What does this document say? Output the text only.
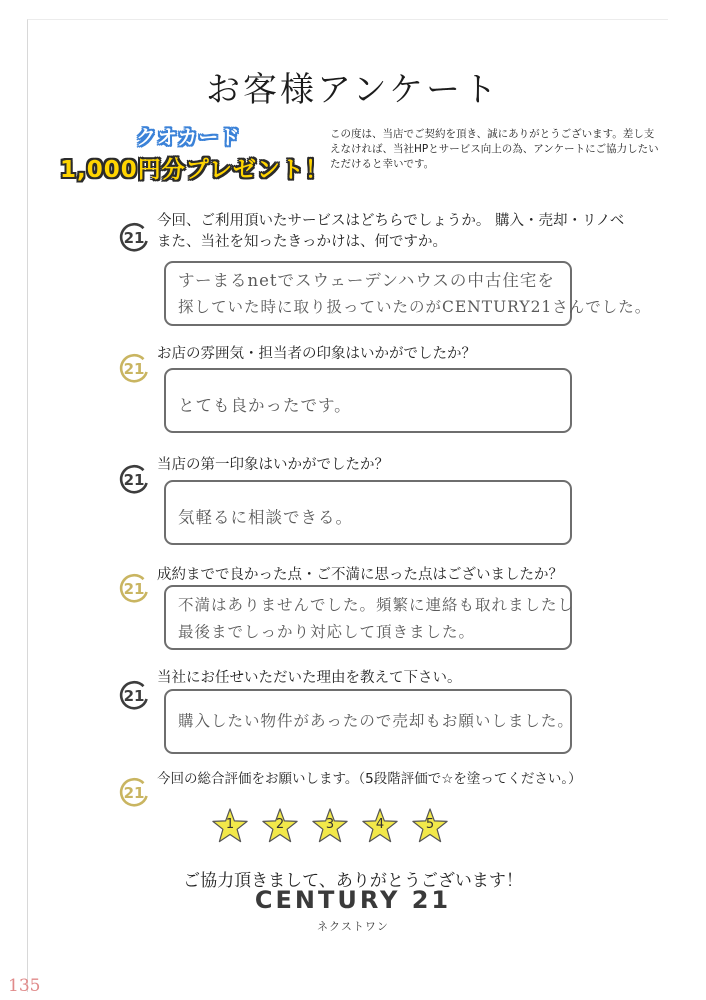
お客様アンケート
クオカード
1,000円分プレゼント！
この度は、当店でご契約を頂き、誠にありがとうございます。差し支えなければ、当社HPとサービス向上の為、アンケートにご協力したいただけると幸いです。
21
今回、ご利用頂いたサービスはどちらでしょうか。 購入・売却・リノベ
また、当社を知ったきっかけは、何ですか。
すーまるnetでスウェーデンハウスの中古住宅を
探していた時に取り扱っていたのがCENTURY21さんでした。
21
お店の雰囲気・担当者の印象はいかがでしたか？
とても良かったです。
21
当店の第一印象はいかがでしたか？
気軽るに相談できる。
21
成約までで良かった点・ご不満に思った点はございましたか？
不満はありませんでした。頻繁に連絡も取れましたし
最後までしっかり対応して頂きました。
21
当社にお任せいただいた理由を教えて下さい。
購入したい物件があったので売却もお願いしました。
21
今回の総合評価をお願いします。（5段階評価で☆を塗ってください。）
1	2	3	4	5
ご協力頂きまして、ありがとうございます！
CENTURY 21
ネクストワン
135
